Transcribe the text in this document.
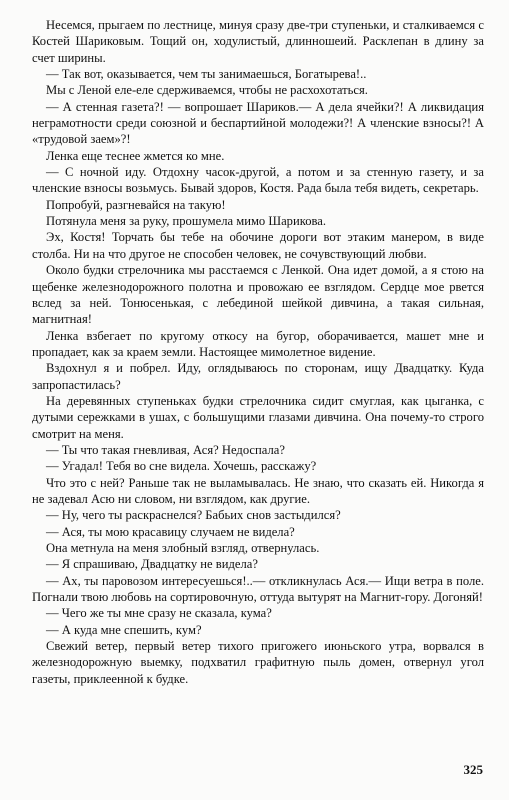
Несемся, прыгаем по лестнице, минуя сразу две-три ступеньки, и сталкиваемся с Костей Шариковым. Тощий он, ходулистый, длинношеий. Расклепан в длину за счет ширины.

— Так вот, оказывается, чем ты занимаешься, Богатырева!..

Мы с Леной еле-еле сдерживаемся, чтобы не расхохотаться.

— А стенная газета?! — вопрошает Шариков.— А дела ячейки?! А ликвидация неграмотности среди союзной и беспартийной молодежи?! А членские взносы?! А «трудовой заем»?!

Ленка еще теснее жмется ко мне.

— С ночной иду. Отдохну часок-другой, а потом и за стенную газету, и за членские взносы возьмусь. Бывай здоров, Костя. Рада была тебя видеть, секретарь.

Попробуй, разгневайся на такую!

Потянула меня за руку, прошумела мимо Шарикова.

Эх, Костя! Торчать бы тебе на обочине дороги вот этаким манером, в виде столба. Ни на что другое не способен человек, не сочувствующий любви.

Около будки стрелочника мы расстаемся с Ленкой. Она идет домой, а я стою на щебенке железнодорожного полотна и провожаю ее взглядом. Сердце мое рвется вслед за ней. Тонюсенькая, с лебединой шейкой дивчина, а такая сильная, магнитная!

Ленка взбегает по кругому откосу на бугор, оборачивается, машет мне и пропадает, как за краем земли. Настоящее мимолетное видение.

Вздохнул я и побрел. Иду, оглядываюсь по сторонам, ищу Двадцатку. Куда запропастилась?

На деревянных ступеньках будки стрелочника сидит смуглая, как цыганка, с дутыми сережками в ушах, с большущими глазами дивчина. Она почему-то строго смотрит на меня.

— Ты что такая гневливая, Ася? Недоспала?

— Угадал! Тебя во сне видела. Хочешь, расскажу?

Что это с ней? Раньше так не выламывалась. Не знаю, что сказать ей. Никогда я не задевал Асю ни словом, ни взглядом, как другие.

— Ну, чего ты раскраснелся? Бабьих снов застыдился?

— Ася, ты мою красавицу случаем не видела?

Она метнула на меня злобный взгляд, отвернулась.

— Я спрашиваю, Двадцатку не видела?

— Ах, ты паровозом интересуешься!..— откликнулась Ася.— Ищи ветра в поле. Погнали твою любовь на сортировочную, оттуда вытурят на Магнит-гору. Догоняй!

— Чего же ты мне сразу не сказала, кума?

— А куда мне спешить, кум?

Свежий ветер, первый ветер тихого пригожего июньского утра, ворвался в железнодорожную выемку, подхватил графитную пыль домен, отвернул угол газеты, приклеенной к будке.

325
